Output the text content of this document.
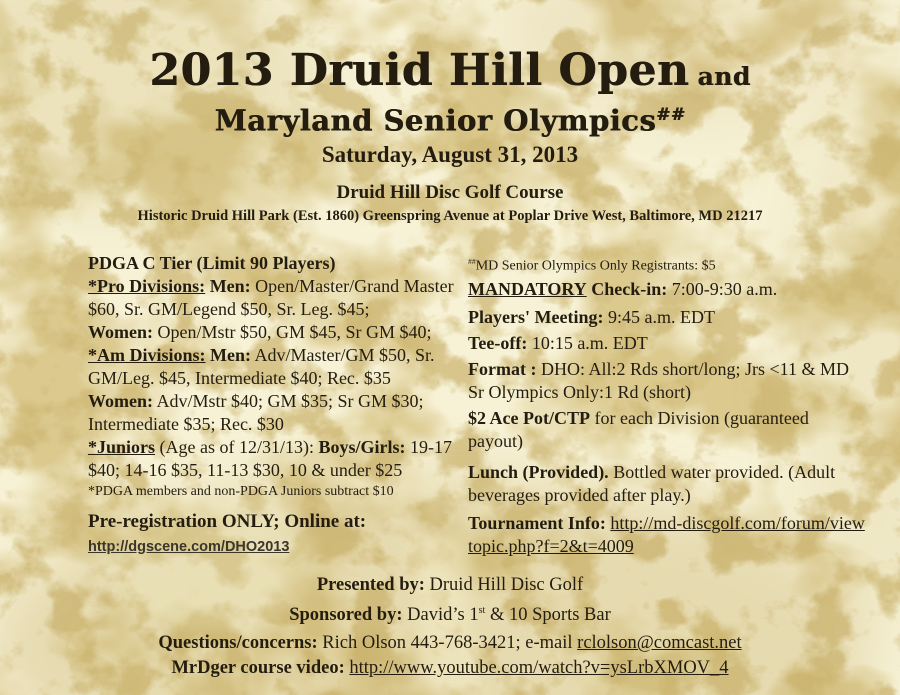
2013 Druid Hill Open and
Maryland Senior Olympics##
Saturday, August 31, 2013
Druid Hill Disc Golf Course
Historic Druid Hill Park (Est. 1860) Greenspring Avenue at Poplar Drive West, Baltimore, MD 21217

PDGA C Tier (Limit 90 Players)

*Pro Divisions: Men: Open/Master/Grand Master $60, Sr. GM/Legend $50, Sr. Leg. $45;

Women: Open/Mstr $50, GM $45, Sr GM $40;

*Am Divisions: Men: Adv/Master/GM $50, Sr. GM/Leg. $45, Intermediate $40; Rec. $35

Women: Adv/Mstr $40; GM $35; Sr GM $30; Intermediate $35; Rec. $30

*Juniors (Age as of 12/31/13): Boys/Girls: 19-17 $40; 14-16 $35, 11-13 $30, 10 & under $25

*PDGA members and non-PDGA Juniors subtract $10

Pre-registration ONLY; Online at:

http://dgscene.com/DHO2013

##MD Senior Olympics Only Registrants: $5

MANDATORY Check-in: 7:00-9:30 a.m.

Players' Meeting: 9:45 a.m. EDT

Tee-off: 10:15 a.m. EDT

Format : DHO: All:2 Rds short/long; Jrs <11 & MD Sr Olympics Only:1 Rd (short)

$2 Ace Pot/CTP for each Division (guaranteed payout)

Lunch (Provided). Bottled water provided. (Adult beverages provided after play.)

Tournament Info: http://md-discgolf.com/forum/viewtopic.php?f=2&t=4009

Presented by: Druid Hill Disc Golf

Sponsored by: David’s 1st & 10 Sports Bar

Questions/concerns: Rich Olson 443-768-3421; e-mail rclolson@comcast.net

MrDger course video: http://www.youtube.com/watch?v=ysLrbXMOV_4
